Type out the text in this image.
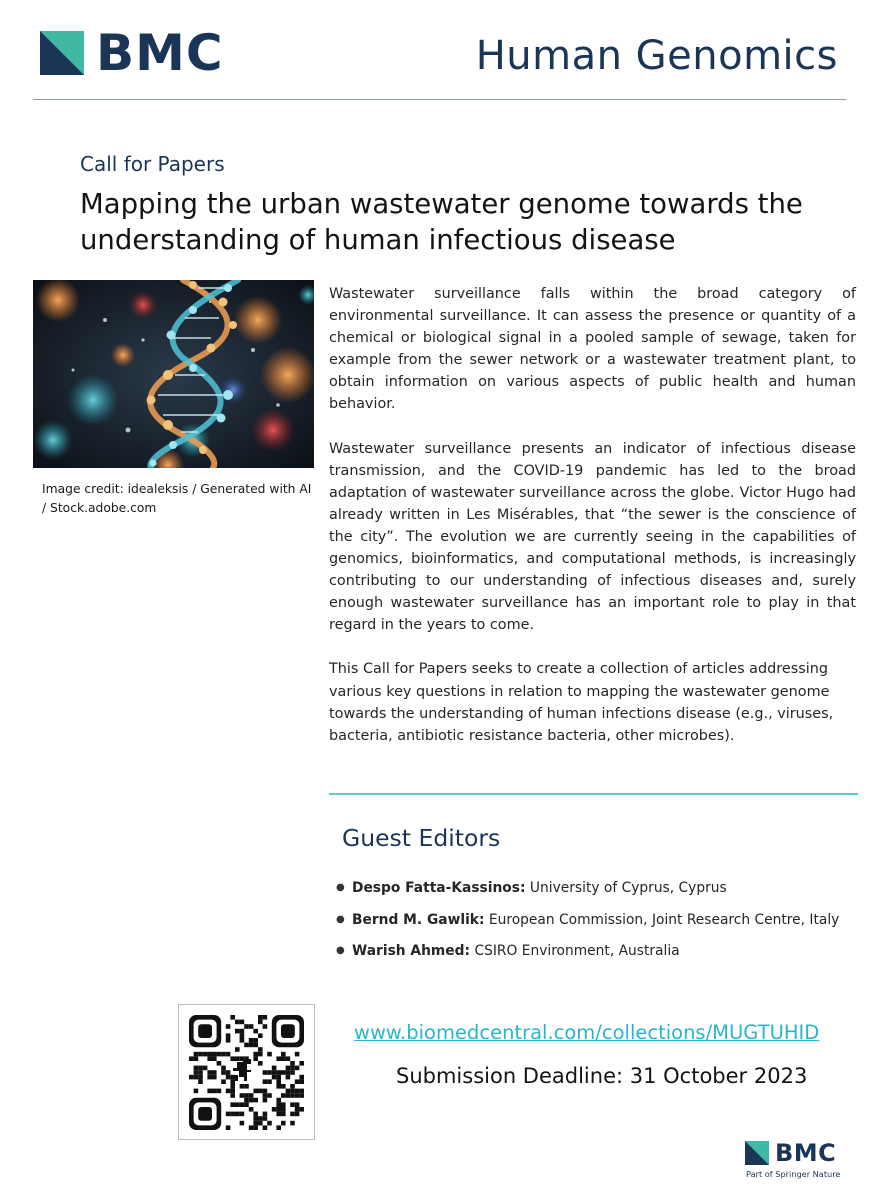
BMC	Human Genomics
Call for Papers
Mapping the urban wastewater genome towards the understanding of human infectious disease
Image credit: idealeksis / Generated with AI / Stock.adobe.com

Wastewater surveillance falls within the broad category of environmental surveillance. It can assess the presence or quantity of a chemical or biological signal in a pooled sample of sewage, taken for example from the sewer network or a wastewater treatment plant, to obtain information on various aspects of public health and human behavior.

Wastewater surveillance presents an indicator of infectious disease transmission, and the COVID-19 pandemic has led to the broad adaptation of wastewater surveillance across the globe. Victor Hugo had already written in Les Misérables, that “the sewer is the conscience of the city”. The evolution we are currently seeing in the capabilities of genomics, bioinformatics, and computational methods, is increasingly contributing to our understanding of infectious diseases and, surely enough wastewater surveillance has an important role to play in that regard in the years to come.

This Call for Papers seeks to create a collection of articles addressing various key questions in relation to mapping the wastewater genome towards the understanding of human infections disease (e.g., viruses, bacteria, antibiotic resistance bacteria, other microbes).

Guest Editors
● Despo Fatta-Kassinos: University of Cyprus, Cyprus
● Bernd M. Gawlik: European Commission, Joint Research Centre, Italy
● Warish Ahmed: CSIRO Environment, Australia
www.biomedcentral.com/collections/MUGTUHID
Submission Deadline: 31 October 2023
BMC
Part of Springer Nature
